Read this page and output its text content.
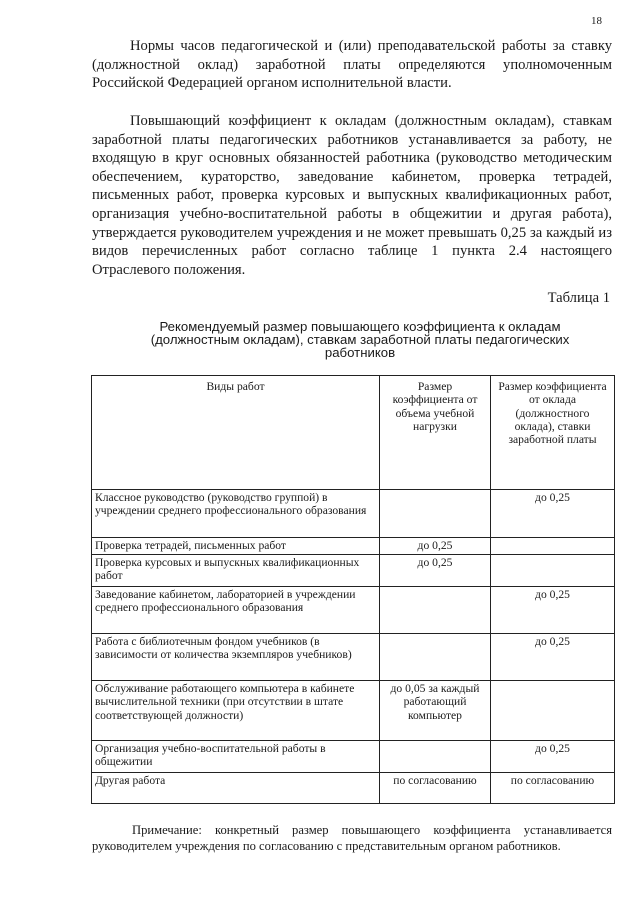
18

Нормы часов педагогической и (или) преподавательской работы за ставку (должностной оклад) заработной платы определяются уполномоченным Российской Федерацией органом исполнительной власти.

Повышающий коэффициент к окладам (должностным окладам), ставкам заработной платы педагогических работников устанавливается за работу, не входящую в круг основных обязанностей работника (руководство методическим обеспечением, кураторство, заведование кабинетом, проверка тетрадей, письменных работ, проверка курсовых и выпускных квалификационных работ, организация учебно-воспитательной работы в общежитии и другая работа), утверждается руководителем учреждения и не может превышать 0,25 за каждый из видов перечисленных работ согласно таблице 1 пункта 2.4 настоящего Отраслевого положения.

Таблица 1

Рекомендуемый размер повышающего коэффициента к окладам (должностным окладам), ставкам заработной платы педагогических работников

Виды работ	Размер коэффициента от объема учебной нагрузки	Размер коэффициента от оклада (должностного оклада), ставки заработной платы
Классное руководство (руководство группой) в учреждении среднего профессионального образования		до 0,25
Проверка тетрадей, письменных работ	до 0,25	
Проверка курсовых и выпускных квалификационных работ	до 0,25	
Заведование кабинетом, лабораторией в учреждении среднего профессионального образования		до 0,25
Работа с библиотечным фондом учебников (в зависимости от количества экземпляров учебников)		до 0,25
Обслуживание работающего компьютера в кабинете вычислительной техники (при отсутствии в штате соответствующей должности)	до 0,05 за каждый работающий компьютер	
Организация учебно-воспитательной работы в общежитии		до 0,25
Другая работа	по согласованию	по согласованию

Примечание: конкретный размер повышающего коэффициента устанавливается руководителем учреждения по согласованию с представительным органом работников.
